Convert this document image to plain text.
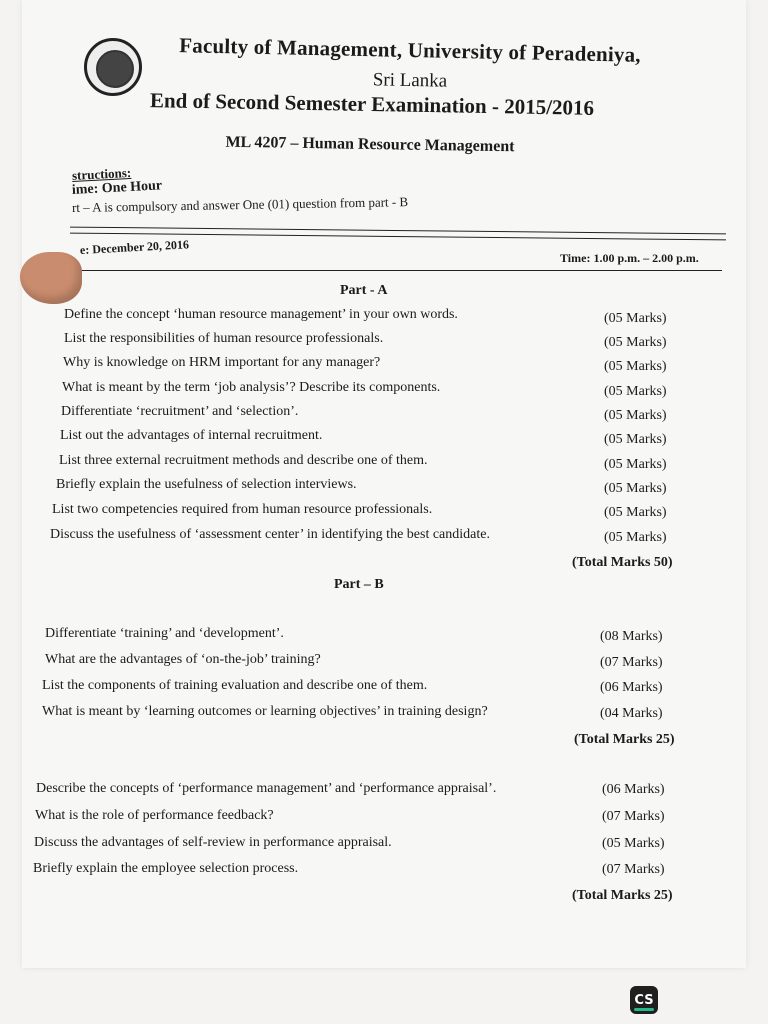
Faculty of Management, University of Peradeniya,
Sri Lanka
End of Second Semester Examination - 2015/2016
ML 4207 – Human Resource Management
structions:
ime: One Hour
rt – A is compulsory and answer One (01) question from part - B
e: December 20, 2016
Time: 1.00 p.m. – 2.00 p.m.
Part - A
Define the concept ‘human resource management’ in your own words.	(05 Marks)
List the responsibilities of human resource professionals.	(05 Marks)
Why is knowledge on HRM important for any manager?	(05 Marks)
What is meant by the term ‘job analysis’? Describe its components.	(05 Marks)
Differentiate ‘recruitment’ and ‘selection’.	(05 Marks)
List out the advantages of internal recruitment.	(05 Marks)
List three external recruitment methods and describe one of them.	(05 Marks)
Briefly explain the usefulness of selection interviews.	(05 Marks)
List two competencies required from human resource professionals.	(05 Marks)
Discuss the usefulness of ‘assessment center’ in identifying the best candidate.	(05 Marks)
(Total Marks 50)
Part – B
Differentiate ‘training’ and ‘development’.	(08 Marks)
What are the advantages of ‘on-the-job’ training?	(07 Marks)
List the components of training evaluation and describe one of them.	(06 Marks)
What is meant by ‘learning outcomes or learning objectives’ in training design?	(04 Marks)
(Total Marks 25)
Describe the concepts of ‘performance management’ and ‘performance appraisal’.	(06 Marks)
What is the role of performance feedback?	(07 Marks)
Discuss the advantages of self-review in performance appraisal.	(05 Marks)
Briefly explain the employee selection process.	(07 Marks)
(Total Marks 25)
CS
